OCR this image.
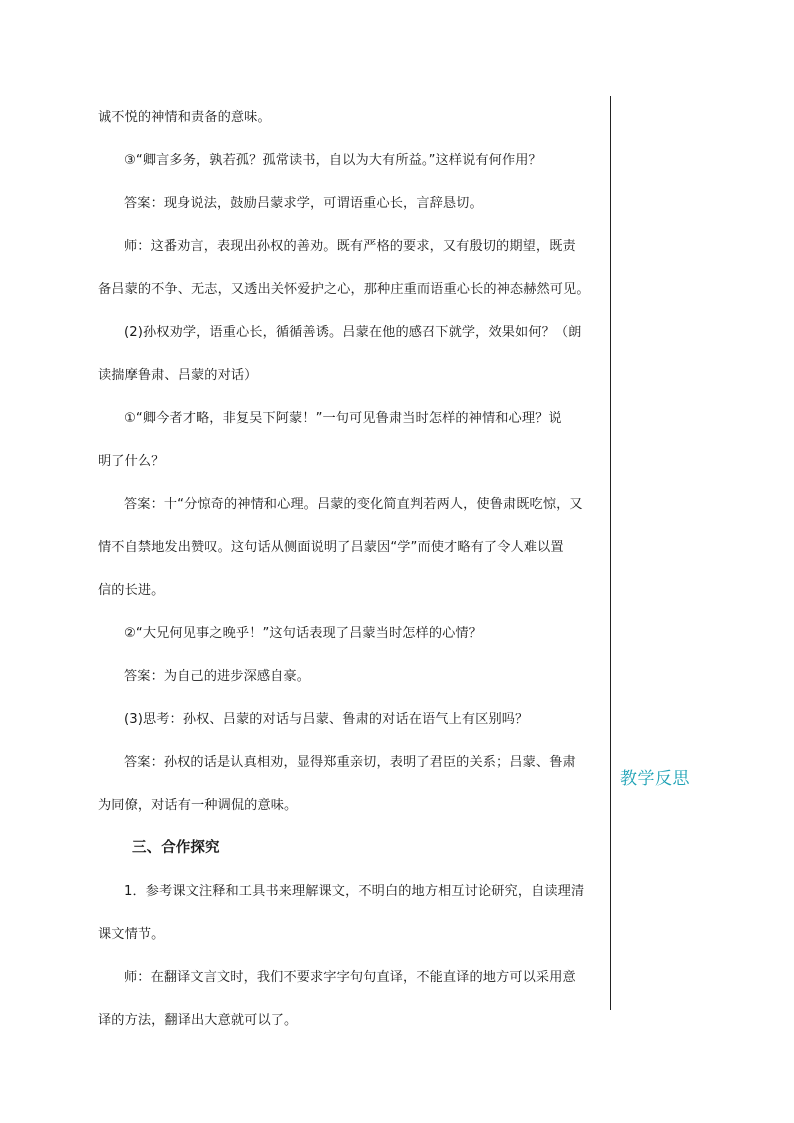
诚不悦的神情和责备的意味。

③“卿言多务，孰若孤？孤常读书，自以为大有所益。”这样说有何作用？

答案：现身说法，鼓励吕蒙求学，可谓语重心长，言辞恳切。

师：这番劝言，表现出孙权的善劝。既有严格的要求，又有殷切的期望，既责

备吕蒙的不争、无志，又透出关怀爱护之心，那种庄重而语重心长的神态赫然可见。

(2)孙权劝学，语重心长，循循善诱。吕蒙在他的感召下就学，效果如何？（朗

读揣摩鲁肃、吕蒙的对话）

①“卿今者才略，非复吴下阿蒙！”一句可见鲁肃当时怎样的神情和心理？说

明了什么？

答案：十“分惊奇的神情和心理。吕蒙的变化简直判若两人，使鲁肃既吃惊，又

情不自禁地发出赞叹。这句话从侧面说明了吕蒙因“学”而使才略有了令人难以置

信的长进。

②“大兄何见事之晚乎！”这句话表现了吕蒙当时怎样的心情？

答案：为自己的进步深感自豪。

(3)思考：孙权、吕蒙的对话与吕蒙、鲁肃的对话在语气上有区别吗？

答案：孙权的话是认真相劝，显得郑重亲切，表明了君臣的关系；吕蒙、鲁肃

为同僚，对话有一种调侃的意味。

三、合作探究

1．参考课文注释和工具书来理解课文，不明白的地方相互讨论研究，自读理清

课文情节。

师：在翻译文言文时，我们不要求字字句句直译，不能直译的地方可以采用意

译的方法，翻译出大意就可以了。

教学反思
